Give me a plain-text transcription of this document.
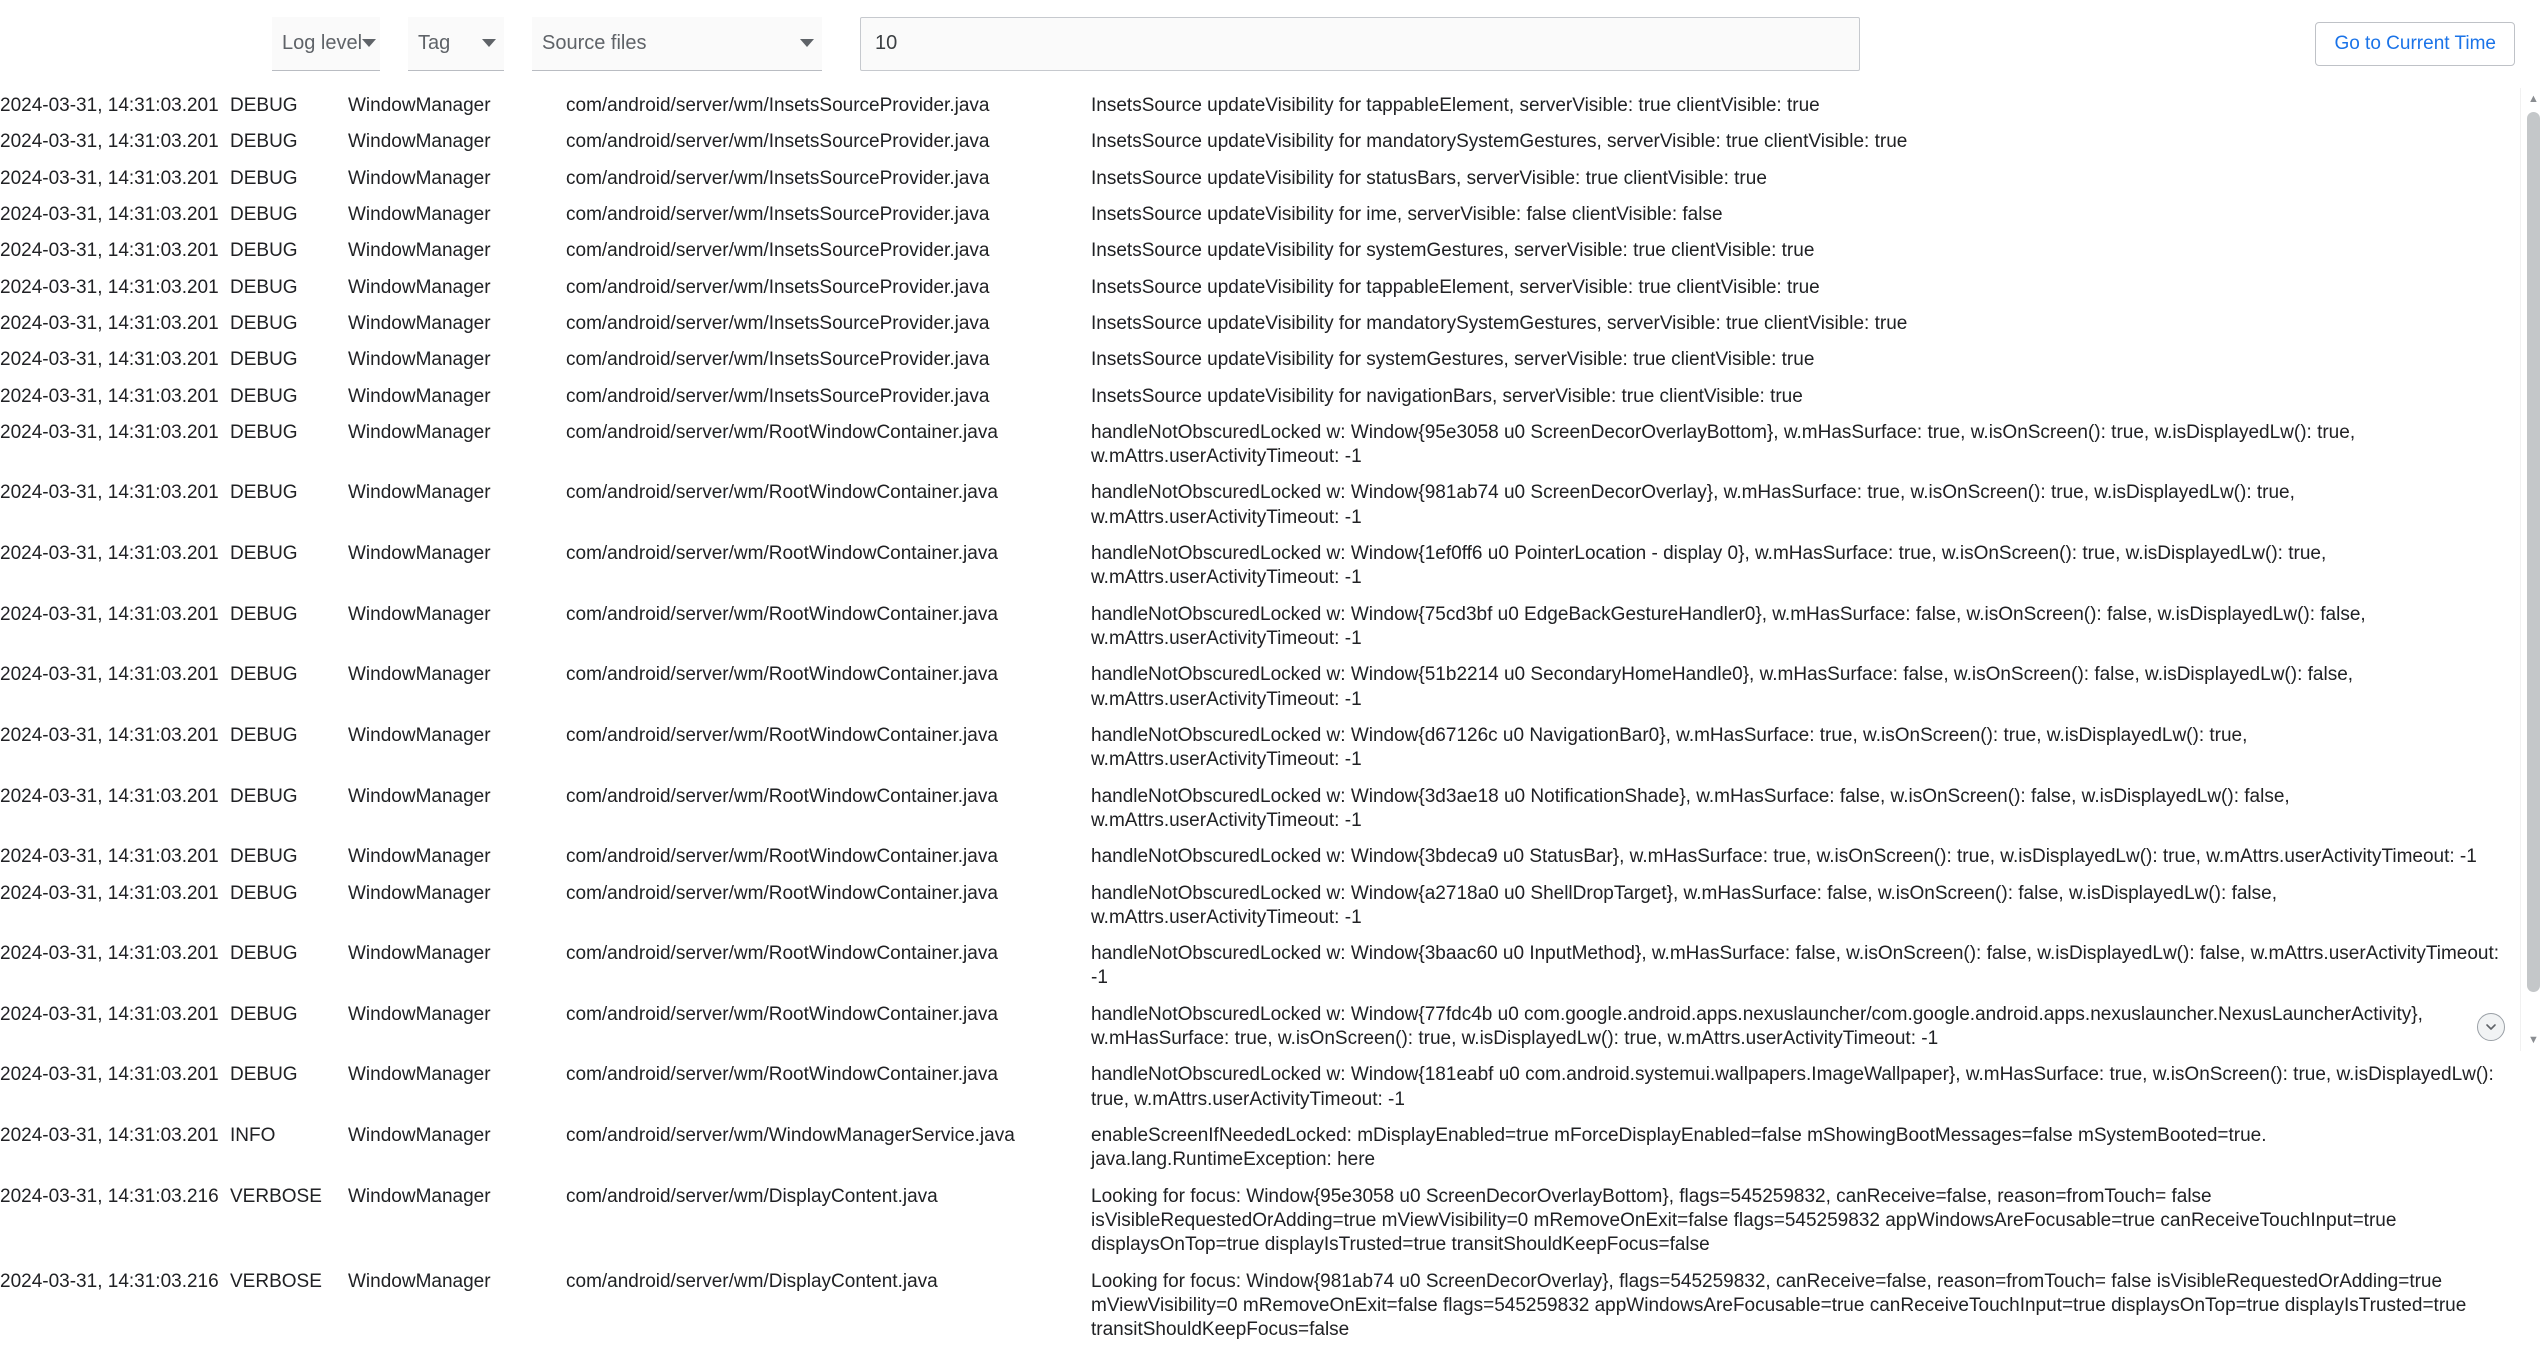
Log level	Tag	Source files	10	Go to Current Time
2024-03-31, 14:31:03.201	DEBUG	WindowManager	com/android/server/wm/InsetsSourceProvider.java	InsetsSource updateVisibility for tappableElement, serverVisible: true clientVisible: true
2024-03-31, 14:31:03.201	DEBUG	WindowManager	com/android/server/wm/InsetsSourceProvider.java	InsetsSource updateVisibility for mandatorySystemGestures, serverVisible: true clientVisible: true
2024-03-31, 14:31:03.201	DEBUG	WindowManager	com/android/server/wm/InsetsSourceProvider.java	InsetsSource updateVisibility for statusBars, serverVisible: true clientVisible: true
2024-03-31, 14:31:03.201	DEBUG	WindowManager	com/android/server/wm/InsetsSourceProvider.java	InsetsSource updateVisibility for ime, serverVisible: false clientVisible: false
2024-03-31, 14:31:03.201	DEBUG	WindowManager	com/android/server/wm/InsetsSourceProvider.java	InsetsSource updateVisibility for systemGestures, serverVisible: true clientVisible: true
2024-03-31, 14:31:03.201	DEBUG	WindowManager	com/android/server/wm/InsetsSourceProvider.java	InsetsSource updateVisibility for tappableElement, serverVisible: true clientVisible: true
2024-03-31, 14:31:03.201	DEBUG	WindowManager	com/android/server/wm/InsetsSourceProvider.java	InsetsSource updateVisibility for mandatorySystemGestures, serverVisible: true clientVisible: true
2024-03-31, 14:31:03.201	DEBUG	WindowManager	com/android/server/wm/InsetsSourceProvider.java	InsetsSource updateVisibility for systemGestures, serverVisible: true clientVisible: true
2024-03-31, 14:31:03.201	DEBUG	WindowManager	com/android/server/wm/InsetsSourceProvider.java	InsetsSource updateVisibility for navigationBars, serverVisible: true clientVisible: true
2024-03-31, 14:31:03.201	DEBUG	WindowManager	com/android/server/wm/RootWindowContainer.java	handleNotObscuredLocked w: Window{95e3058 u0 ScreenDecorOverlayBottom}, w.mHasSurface: true, w.isOnScreen(): true, w.isDisplayedLw(): true, w.mAttrs.userActivityTimeout: -1
2024-03-31, 14:31:03.201	DEBUG	WindowManager	com/android/server/wm/RootWindowContainer.java	handleNotObscuredLocked w: Window{981ab74 u0 ScreenDecorOverlay}, w.mHasSurface: true, w.isOnScreen(): true, w.isDisplayedLw(): true, w.mAttrs.userActivityTimeout: -1
2024-03-31, 14:31:03.201	DEBUG	WindowManager	com/android/server/wm/RootWindowContainer.java	handleNotObscuredLocked w: Window{1ef0ff6 u0 PointerLocation - display 0}, w.mHasSurface: true, w.isOnScreen(): true, w.isDisplayedLw(): true, w.mAttrs.userActivityTimeout: -1
2024-03-31, 14:31:03.201	DEBUG	WindowManager	com/android/server/wm/RootWindowContainer.java	handleNotObscuredLocked w: Window{75cd3bf u0 EdgeBackGestureHandler0}, w.mHasSurface: false, w.isOnScreen(): false, w.isDisplayedLw(): false, w.mAttrs.userActivityTimeout: -1
2024-03-31, 14:31:03.201	DEBUG	WindowManager	com/android/server/wm/RootWindowContainer.java	handleNotObscuredLocked w: Window{51b2214 u0 SecondaryHomeHandle0}, w.mHasSurface: false, w.isOnScreen(): false, w.isDisplayedLw(): false, w.mAttrs.userActivityTimeout: -1
2024-03-31, 14:31:03.201	DEBUG	WindowManager	com/android/server/wm/RootWindowContainer.java	handleNotObscuredLocked w: Window{d67126c u0 NavigationBar0}, w.mHasSurface: true, w.isOnScreen(): true, w.isDisplayedLw(): true, w.mAttrs.userActivityTimeout: -1
2024-03-31, 14:31:03.201	DEBUG	WindowManager	com/android/server/wm/RootWindowContainer.java	handleNotObscuredLocked w: Window{3d3ae18 u0 NotificationShade}, w.mHasSurface: false, w.isOnScreen(): false, w.isDisplayedLw(): false, w.mAttrs.userActivityTimeout: -1
2024-03-31, 14:31:03.201	DEBUG	WindowManager	com/android/server/wm/RootWindowContainer.java	handleNotObscuredLocked w: Window{3bdeca9 u0 StatusBar}, w.mHasSurface: true, w.isOnScreen(): true, w.isDisplayedLw(): true, w.mAttrs.userActivityTimeout: -1
2024-03-31, 14:31:03.201	DEBUG	WindowManager	com/android/server/wm/RootWindowContainer.java	handleNotObscuredLocked w: Window{a2718a0 u0 ShellDropTarget}, w.mHasSurface: false, w.isOnScreen(): false, w.isDisplayedLw(): false, w.mAttrs.userActivityTimeout: -1
2024-03-31, 14:31:03.201	DEBUG	WindowManager	com/android/server/wm/RootWindowContainer.java	handleNotObscuredLocked w: Window{3baac60 u0 InputMethod}, w.mHasSurface: false, w.isOnScreen(): false, w.isDisplayedLw(): false, w.mAttrs.userActivityTimeout: -1
2024-03-31, 14:31:03.201	DEBUG	WindowManager	com/android/server/wm/RootWindowContainer.java	handleNotObscuredLocked w: Window{77fdc4b u0 com.google.android.apps.nexuslauncher/com.google.android.apps.nexuslauncher.NexusLauncherActivity}, w.mHasSurface: true, w.isOnScreen(): true, w.isDisplayedLw(): true, w.mAttrs.userActivityTimeout: -1
2024-03-31, 14:31:03.201	DEBUG	WindowManager	com/android/server/wm/RootWindowContainer.java	handleNotObscuredLocked w: Window{181eabf u0 com.android.systemui.wallpapers.ImageWallpaper}, w.mHasSurface: true, w.isOnScreen(): true, w.isDisplayedLw(): true, w.mAttrs.userActivityTimeout: -1
2024-03-31, 14:31:03.201	INFO	WindowManager	com/android/server/wm/WindowManagerService.java	enableScreenIfNeededLocked: mDisplayEnabled=true mForceDisplayEnabled=false mShowingBootMessages=false mSystemBooted=true. java.lang.RuntimeException: here
2024-03-31, 14:31:03.216	VERBOSE	WindowManager	com/android/server/wm/DisplayContent.java	Looking for focus: Window{95e3058 u0 ScreenDecorOverlayBottom}, flags=545259832, canReceive=false, reason=fromTouch= false isVisibleRequestedOrAdding=true mViewVisibility=0 mRemoveOnExit=false flags=545259832 appWindowsAreFocusable=true canReceiveTouchInput=true displaysOnTop=true displayIsTrusted=true transitShouldKeepFocus=false
2024-03-31, 14:31:03.216	VERBOSE	WindowManager	com/android/server/wm/DisplayContent.java	Looking for focus: Window{981ab74 u0 ScreenDecorOverlay}, flags=545259832, canReceive=false, reason=fromTouch= false isVisibleRequestedOrAdding=true mViewVisibility=0 mRemoveOnExit=false flags=545259832 appWindowsAreFocusable=true canReceiveTouchInput=true displaysOnTop=true displayIsTrusted=true transitShouldKeepFocus=false
▲
▼
